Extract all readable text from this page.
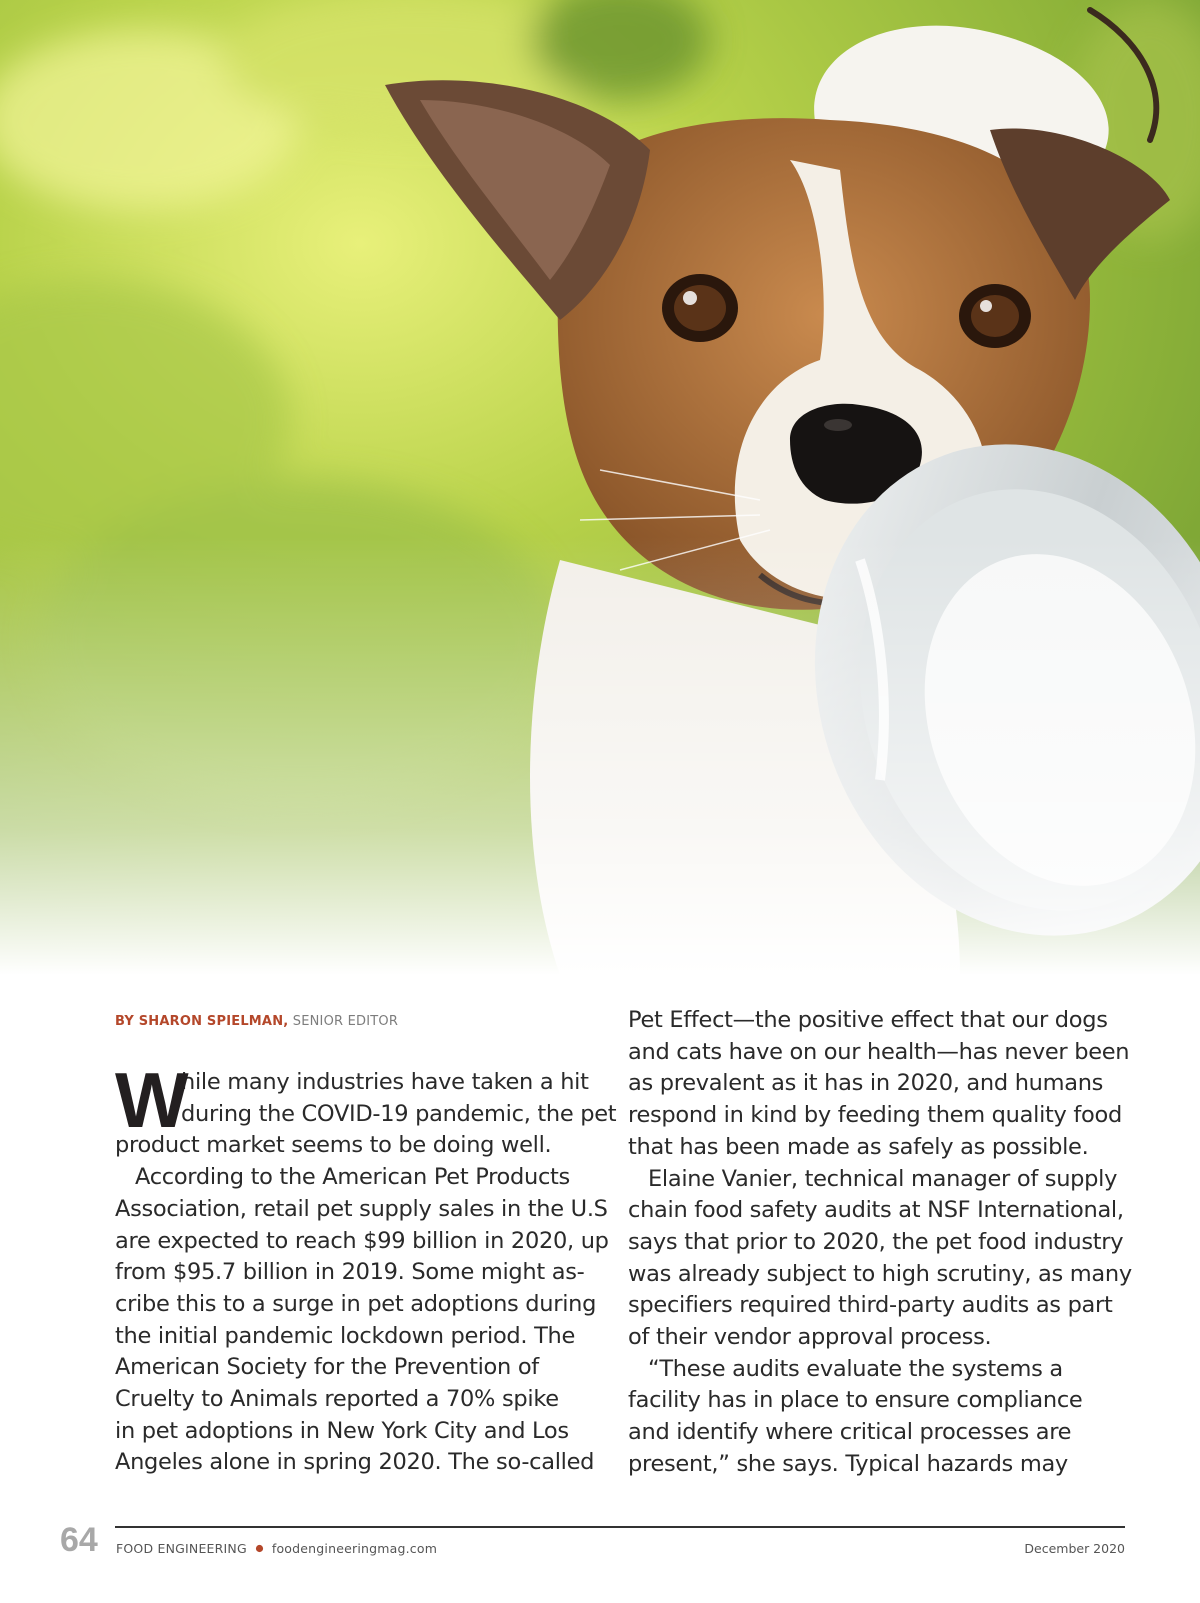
BY SHARON SPIELMAN, SENIOR EDITOR
W
hile many industries have taken a hit
during the COVID-19 pandemic, the pet
product market seems to be doing well.
According to the American Pet Products
Association, retail pet supply sales in the U.S
are expected to reach $99 billion in 2020, up
from $95.7 billion in 2019. Some might as-
cribe this to a surge in pet adoptions during
the initial pandemic lockdown period. The
American Society for the Prevention of
Cruelty to Animals reported a 70% spike
in pet adoptions in New York City and Los
Angeles alone in spring 2020. The so-called
Pet Effect—the positive effect that our dogs
and cats have on our health—has never been
as prevalent as it has in 2020, and humans
respond in kind by feeding them quality food
that has been made as safely as possible.
Elaine Vanier, technical manager of supply
chain food safety audits at NSF International,
says that prior to 2020, the pet food industry
was already subject to high scrutiny, as many
specifiers required third-party audits as part
of their vendor approval process.
“These audits evaluate the systems a
facility has in place to ensure compliance
and identify where critical processes are
present,” she says. Typical hazards may
64 FOOD ENGINEERING foodengineeringmag.com	December 2020
